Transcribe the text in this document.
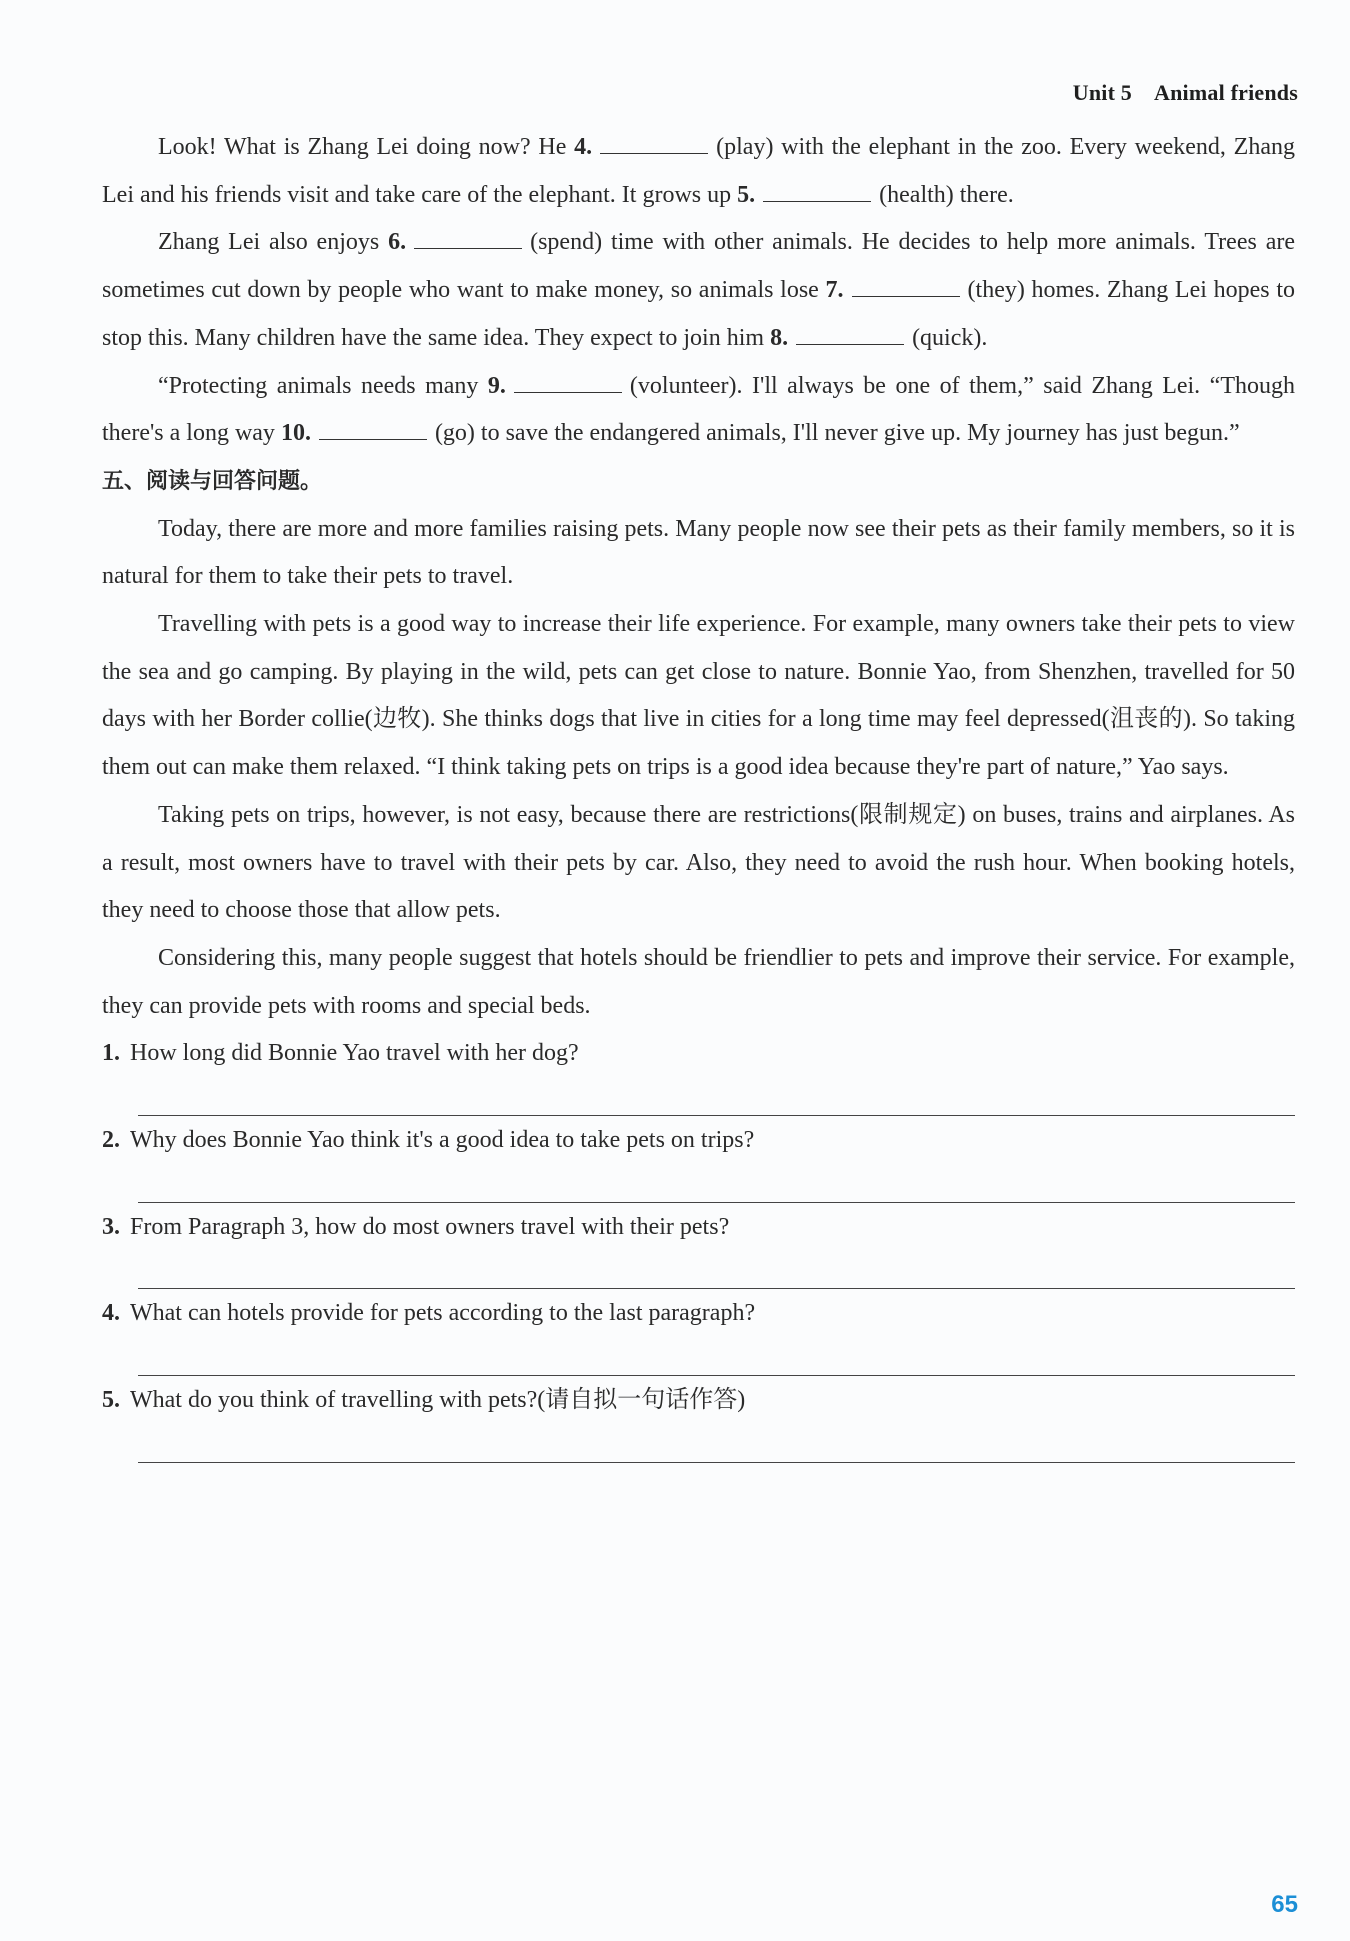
Unit 5 Animal friends

Look! What is Zhang Lei doing now? He 4.	(play) with the elephant in the zoo. Every weekend, Zhang Lei and his friends visit and take care of the elephant. It grows up 5.	(health) there.

Zhang Lei also enjoys 6.	(spend) time with other animals. He decides to help more animals. Trees are sometimes cut down by people who want to make money, so animals lose 7.	(they) homes. Zhang Lei hopes to stop this. Many children have the same idea. They expect to join him 8.	(quick).

“Protecting animals needs many 9.	(volunteer). I'll always be one of them,” said Zhang Lei. “Though there's a long way 10.	(go) to save the endangered animals, I'll never give up. My journey has just begun.”

五、阅读与回答问题。

Today, there are more and more families raising pets. Many people now see their pets as their family members, so it is natural for them to take their pets to travel.

Travelling with pets is a good way to increase their life experience. For example, many owners take their pets to view the sea and go camping. By playing in the wild, pets can get close to nature. Bonnie Yao, from Shenzhen, travelled for 50 days with her Border collie(边牧). She thinks dogs that live in cities for a long time may feel depressed(沮丧的). So taking them out can make them relaxed. “I think taking pets on trips is a good idea because they're part of nature,” Yao says.

Taking pets on trips, however, is not easy, because there are restrictions(限制规定) on buses, trains and airplanes. As a result, most owners have to travel with their pets by car. Also, they need to avoid the rush hour. When booking hotels, they need to choose those that allow pets.

Considering this, many people suggest that hotels should be friendlier to pets and improve their service. For example, they can provide pets with rooms and special beds.

1. How long did Bonnie Yao travel with her dog?

2. Why does Bonnie Yao think it's a good idea to take pets on trips?

3. From Paragraph 3, how do most owners travel with their pets?

4. What can hotels provide for pets according to the last paragraph?

5. What do you think of travelling with pets?(请自拟一句话作答)

65
